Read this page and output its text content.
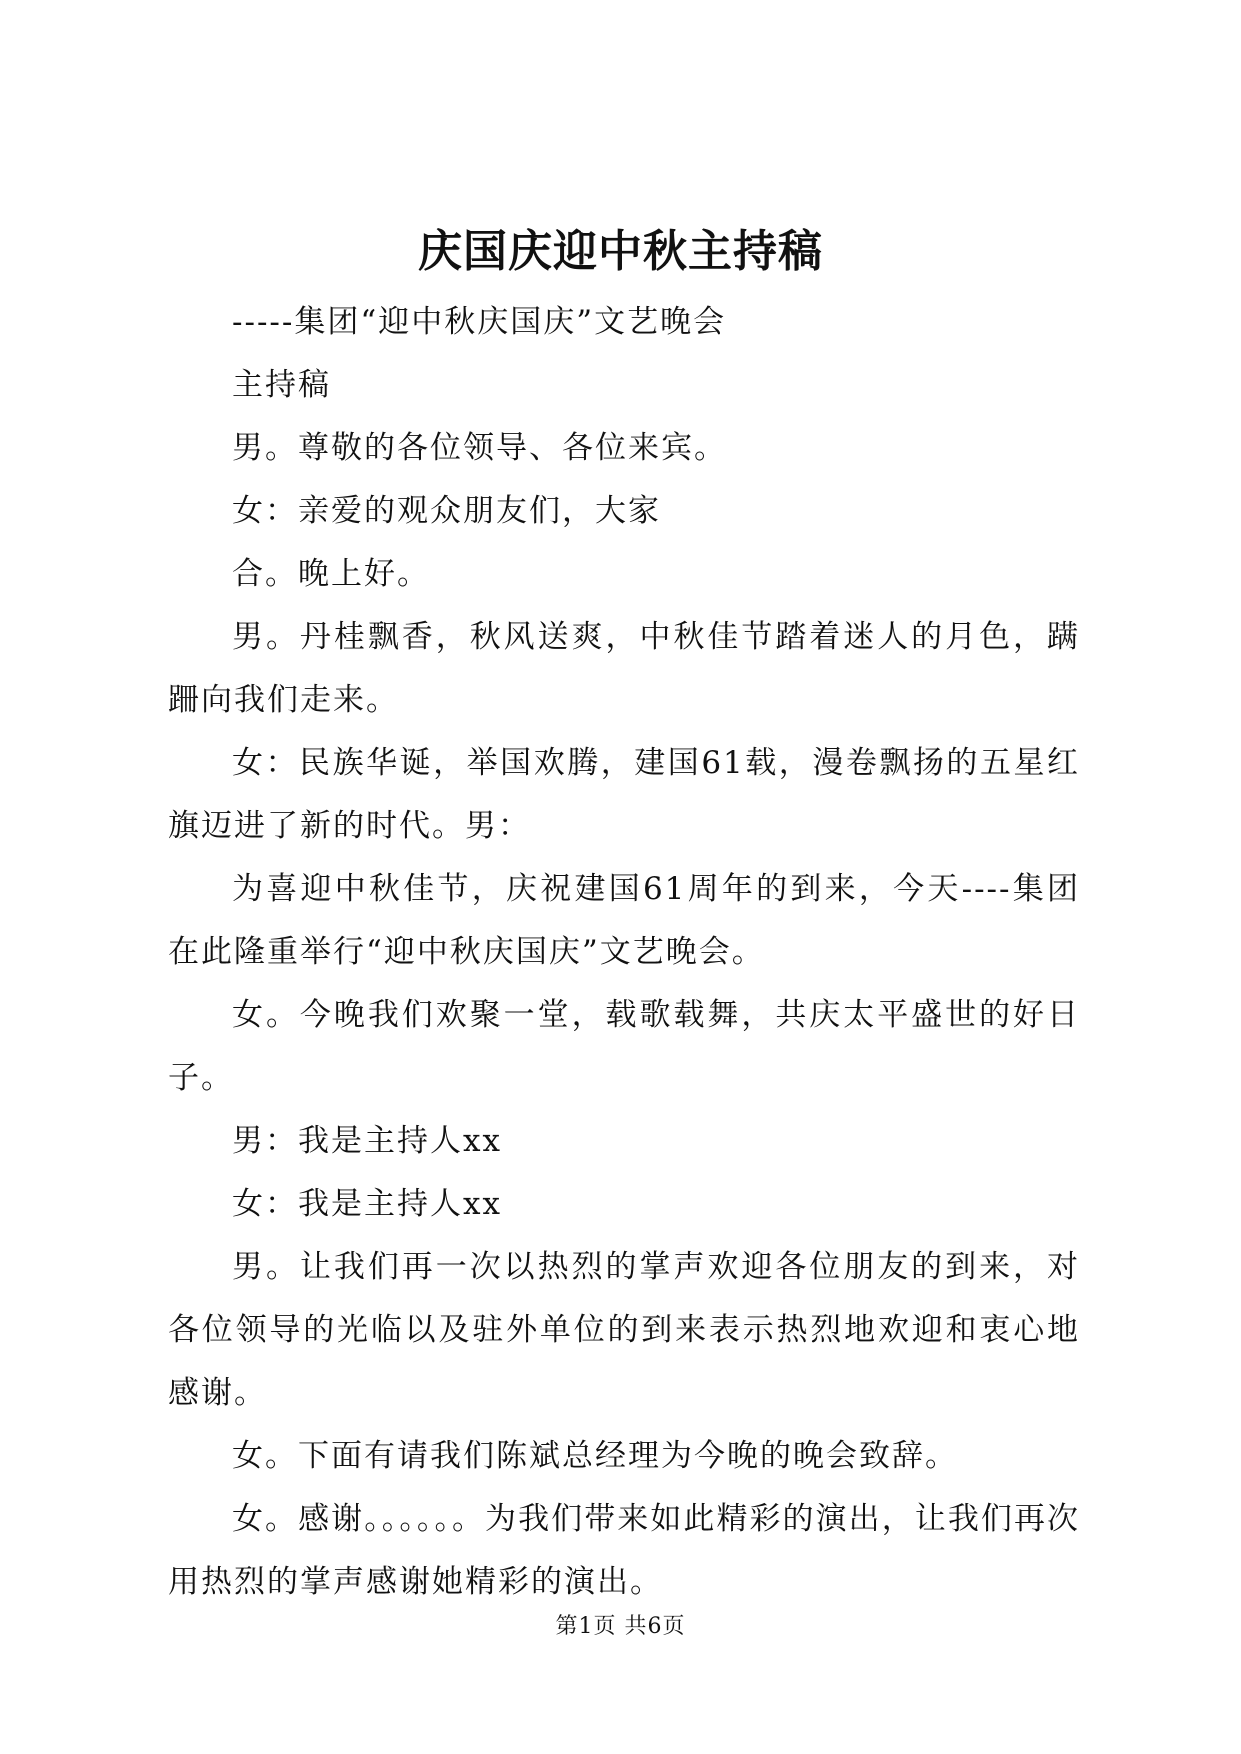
庆国庆迎中秋主持稿

-----集团“迎中秋庆国庆”文艺晚会

主持稿

男。尊敬的各位领导、各位来宾。

女：亲爱的观众朋友们，大家

合。晚上好。

男。丹桂飘香，秋风送爽，中秋佳节踏着迷人的月色，蹒跚向我们走来。

女：民族华诞，举国欢腾，建国61载，漫卷飘扬的五星红旗迈进了新的时代。男：

为喜迎中秋佳节，庆祝建国61周年的到来，今天----集团在此隆重举行“迎中秋庆国庆”文艺晚会。

女。今晚我们欢聚一堂，载歌载舞，共庆太平盛世的好日子。

男：我是主持人xx

女：我是主持人xx

男。让我们再一次以热烈的掌声欢迎各位朋友的到来，对各位领导的光临以及驻外单位的到来表示热烈地欢迎和衷心地感谢。

女。下面有请我们陈斌总经理为今晚的晚会致辞。

女。感谢。。。。。。为我们带来如此精彩的演出，让我们再次用热烈的掌声感谢她精彩的演出。

第1页 共6页
